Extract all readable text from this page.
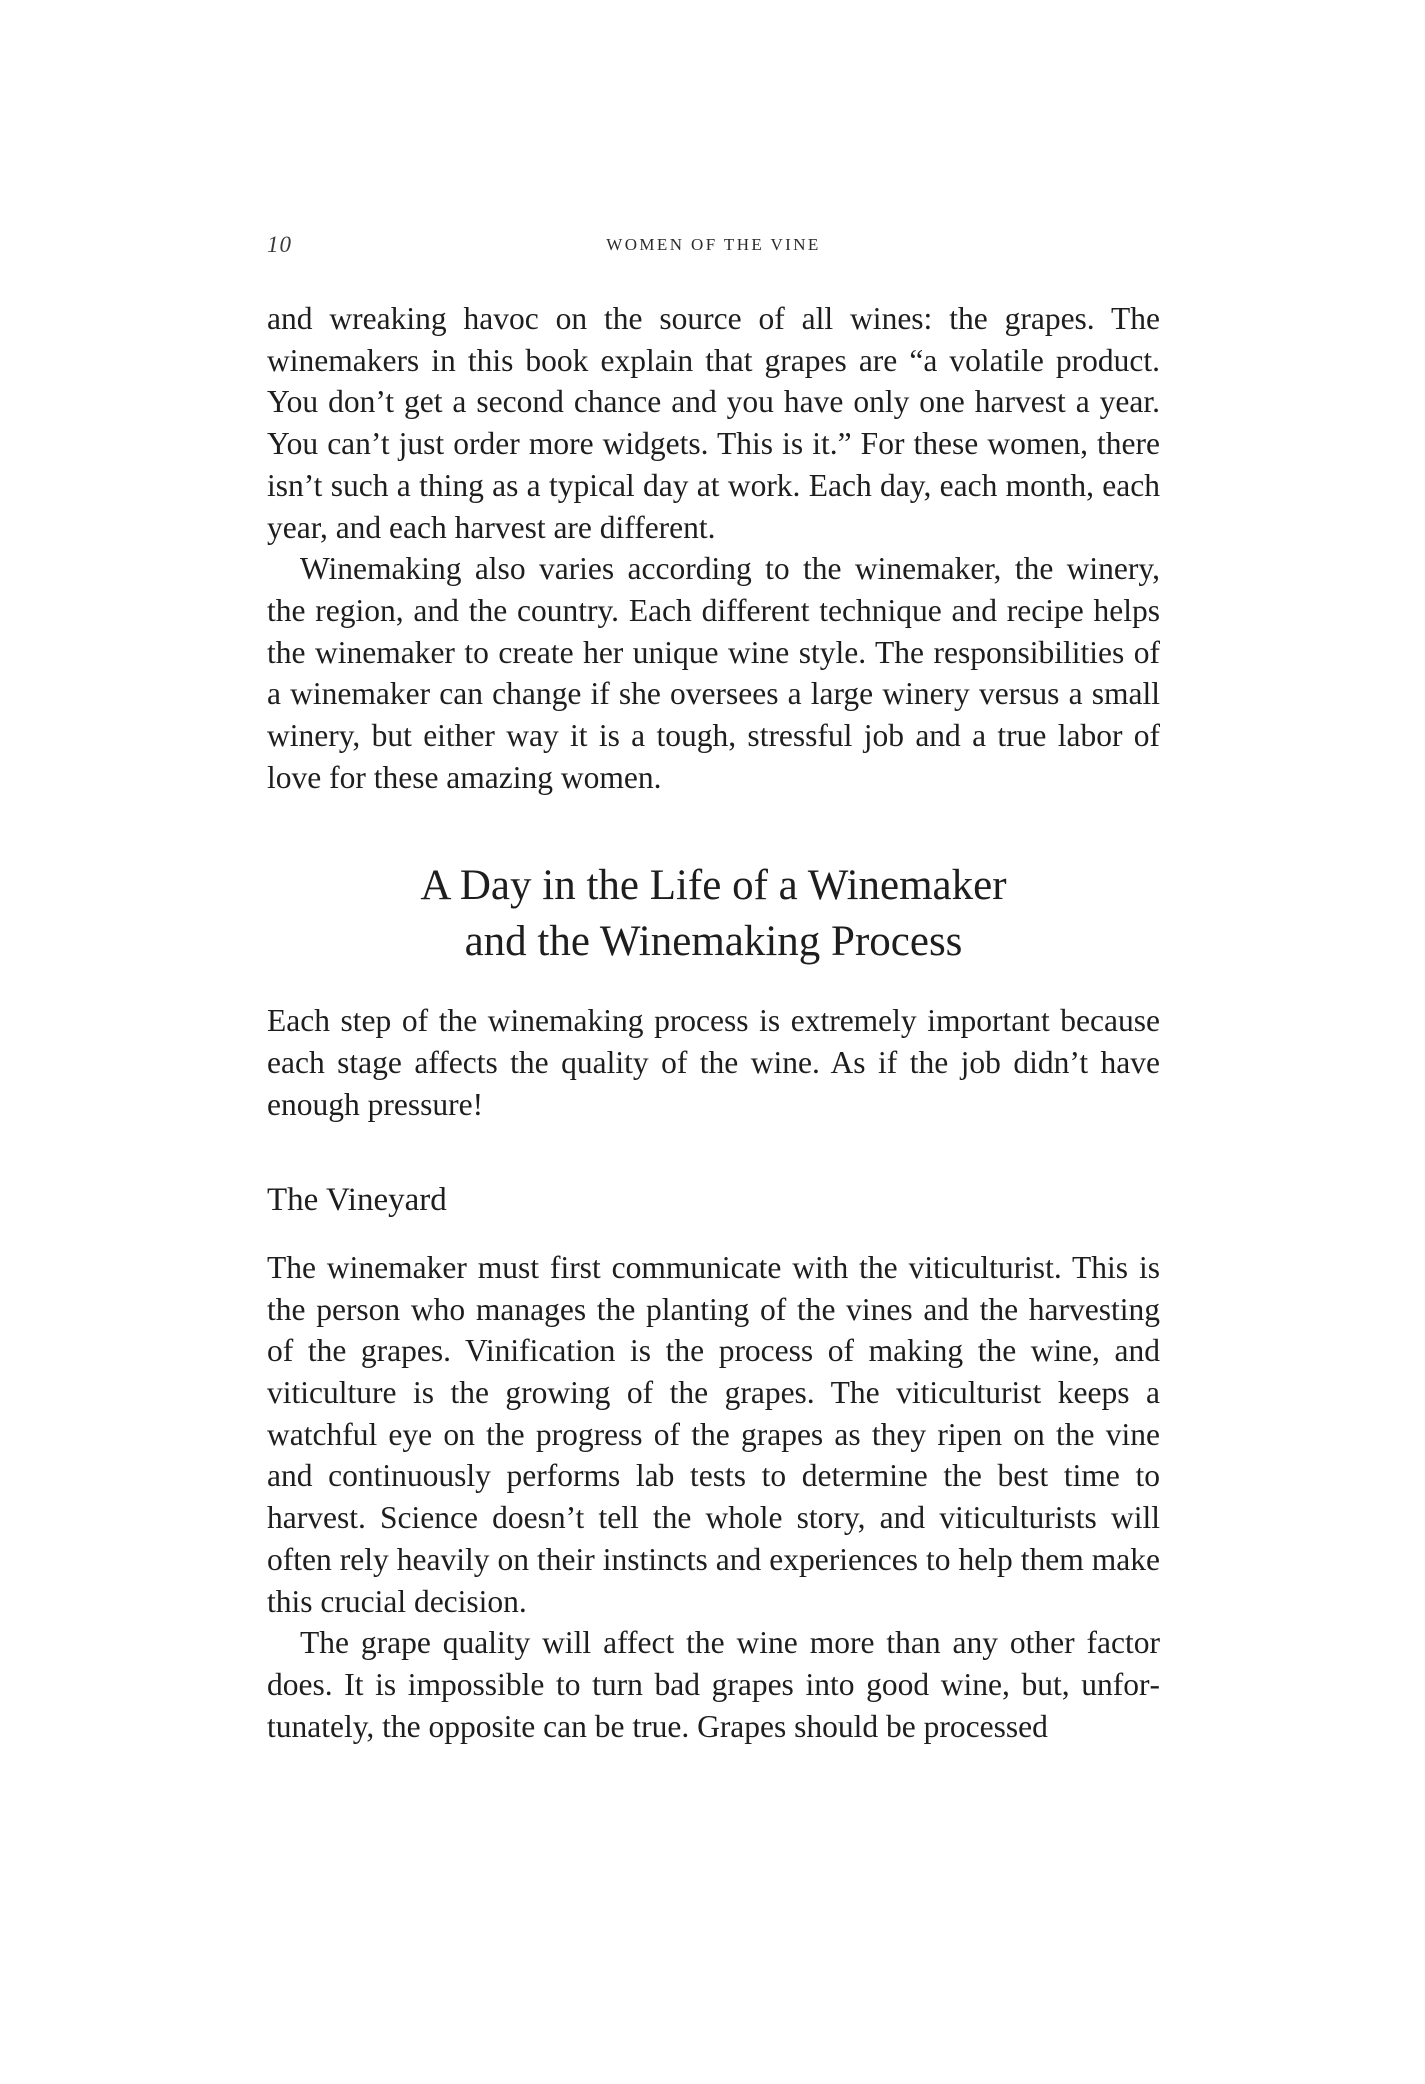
10	WOMEN OF THE VINE

and wreaking havoc on the source of all wines: the grapes. The winemakers in this book explain that grapes are “a volatile product. You don’t get a second chance and you have only one harvest a year. You can’t just order more widgets. This is it.” For these women, there isn’t such a thing as a typical day at work. Each day, each month, each year, and each harvest are different.

Winemaking also varies according to the winemaker, the winery, the region, and the country. Each different technique and recipe helps the winemaker to create her unique wine style. The responsibilities of a winemaker can change if she oversees a large winery versus a small winery, but either way it is a tough, stressful job and a true labor of love for these amazing women.

A Day in the Life of a Winemaker
and the Winemaking Process

Each step of the winemaking process is extremely important because each stage affects the quality of the wine. As if the job didn’t have enough pressure!

The Vineyard

The winemaker must first communicate with the viticulturist. This is the person who manages the planting of the vines and the harvesting of the grapes. Vinification is the process of making the wine, and viticulture is the growing of the grapes. The viticulturist keeps a watchful eye on the progress of the grapes as they ripen on the vine and continuously performs lab tests to determine the best time to harvest. Science doesn’t tell the whole story, and viticulturists will often rely heavily on their instincts and experiences to help them make this crucial decision.

The grape quality will affect the wine more than any other factor does. It is impossible to turn bad grapes into good wine, but, unfortunately, the opposite can be true. Grapes should be processed
